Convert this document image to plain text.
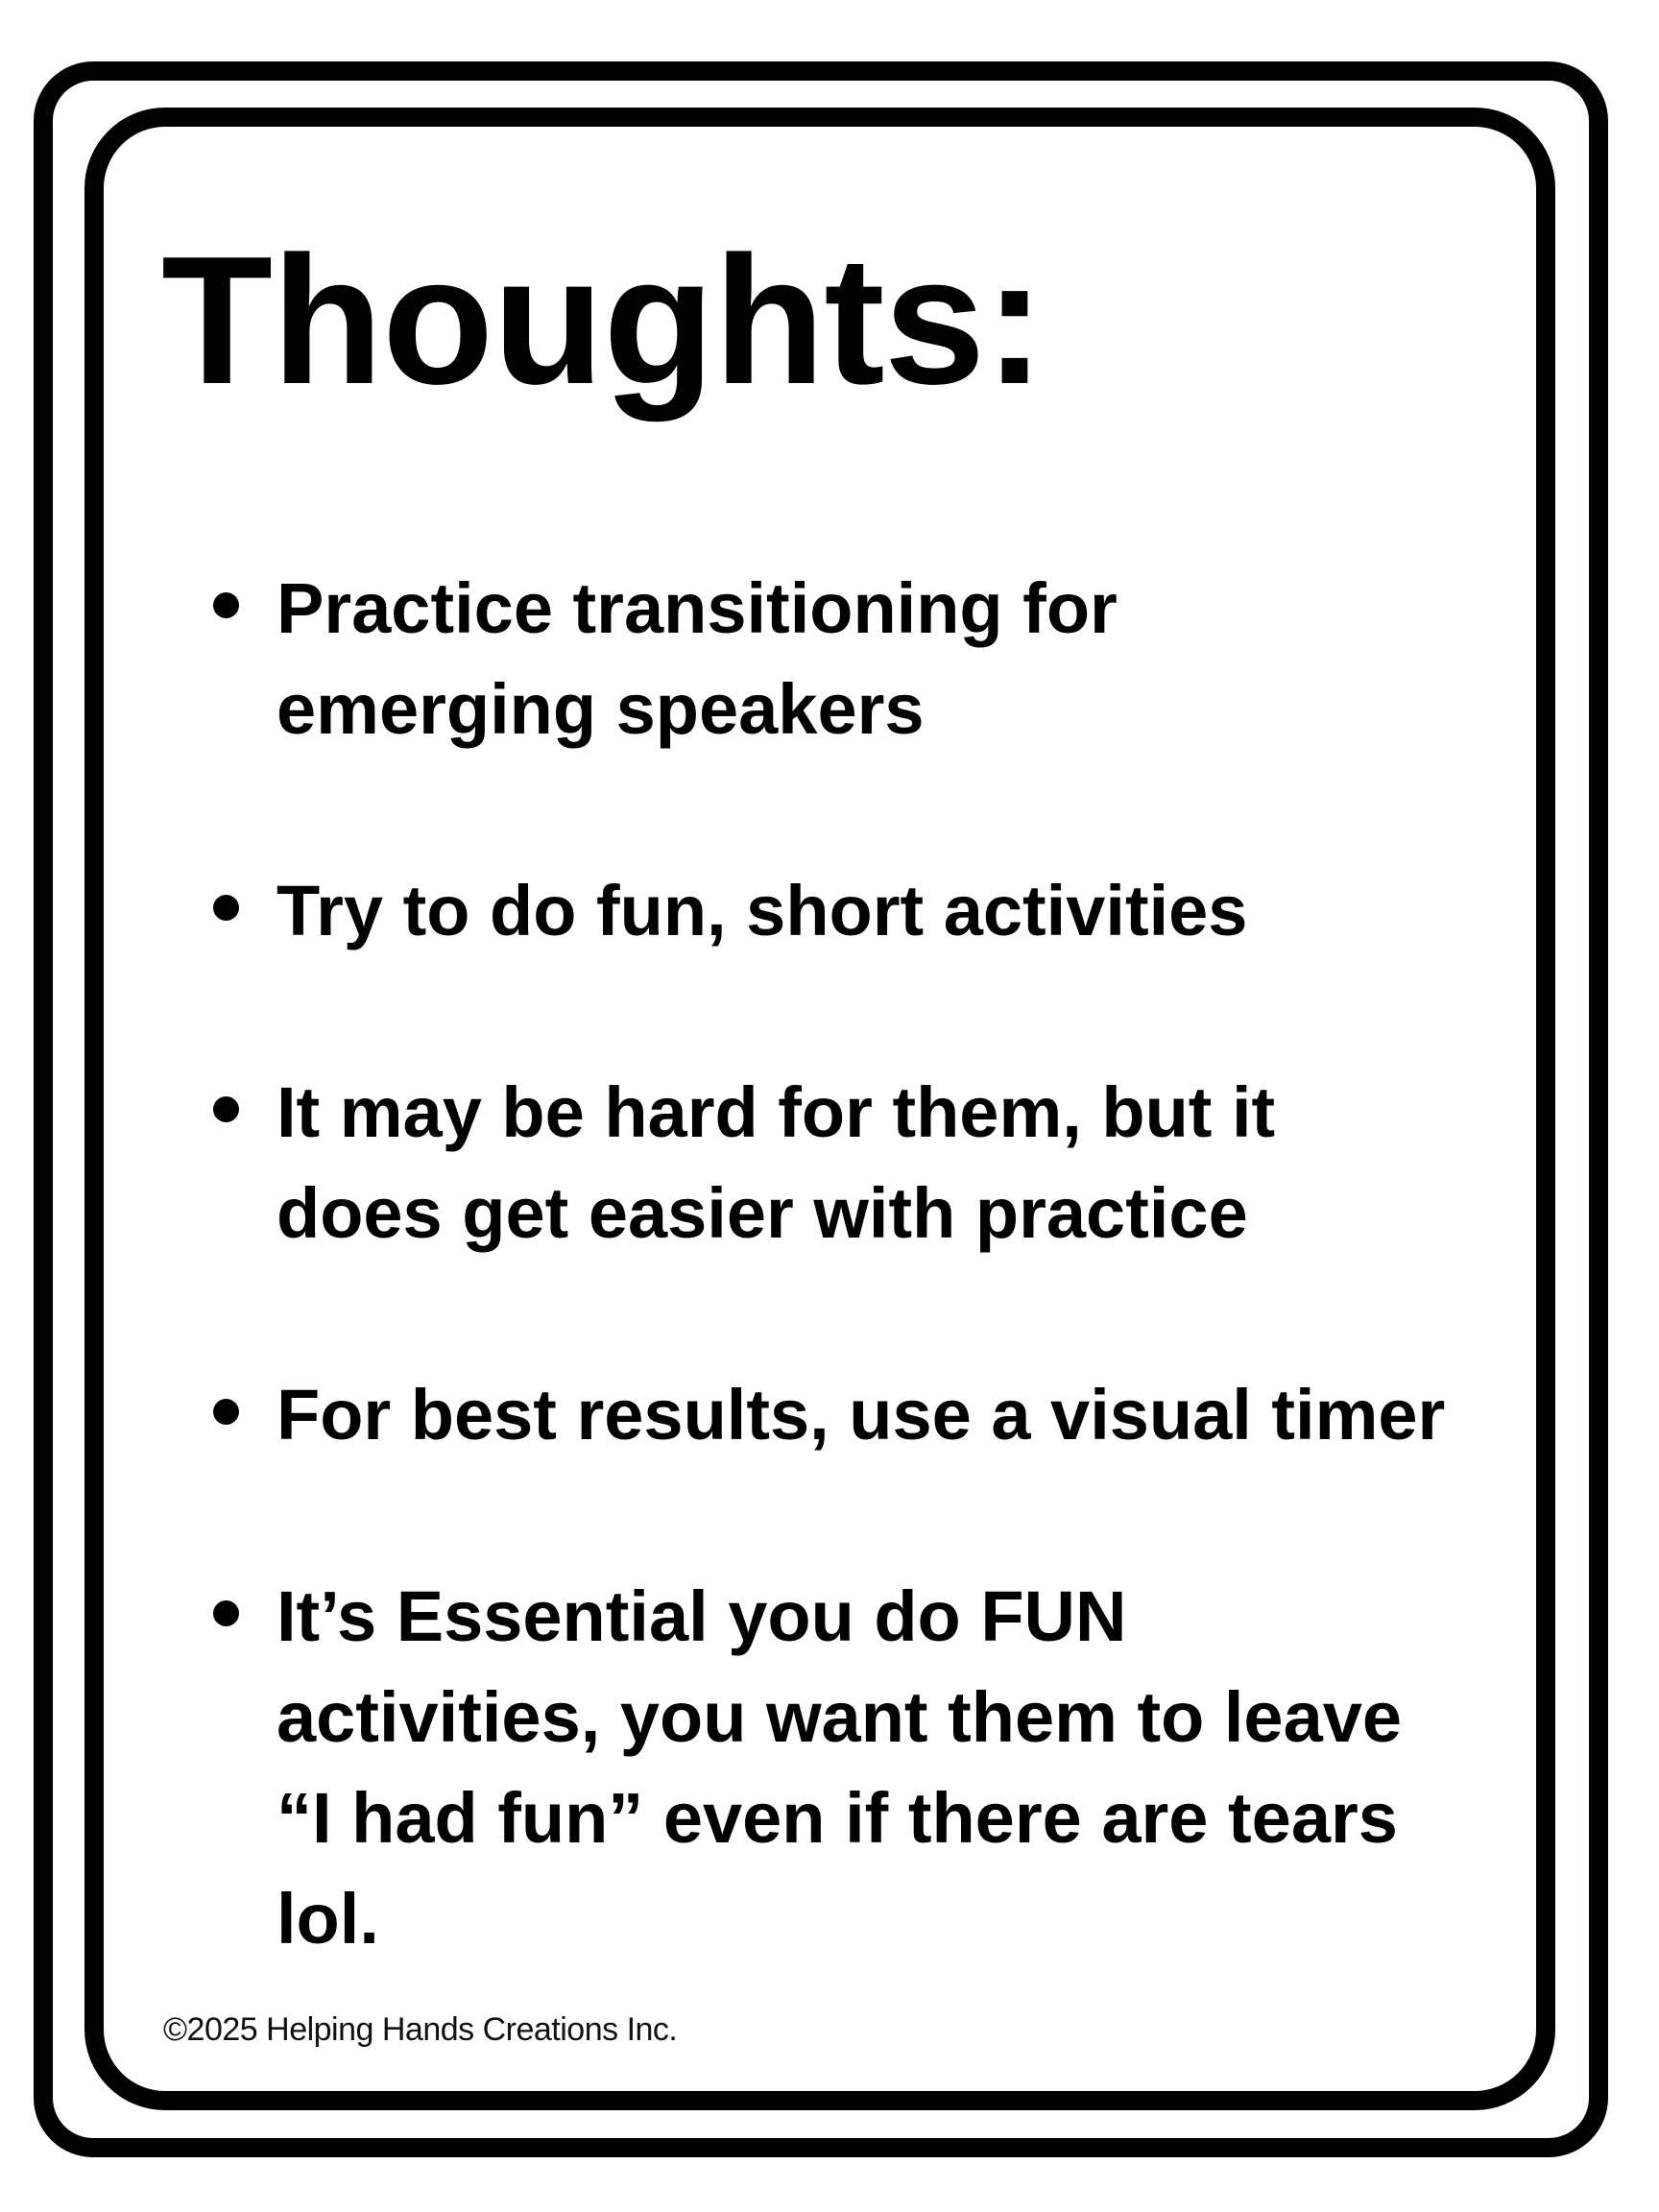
Thoughts:
Practice transitioning for
emerging speakers
Try to do fun, short activities
It may be hard for them, but it
does get easier with practice
For best results, use a visual timer
It’s Essential you do FUN
activities, you want them to leave
“I had fun” even if there are tears
lol.
©2025 Helping Hands Creations Inc.
